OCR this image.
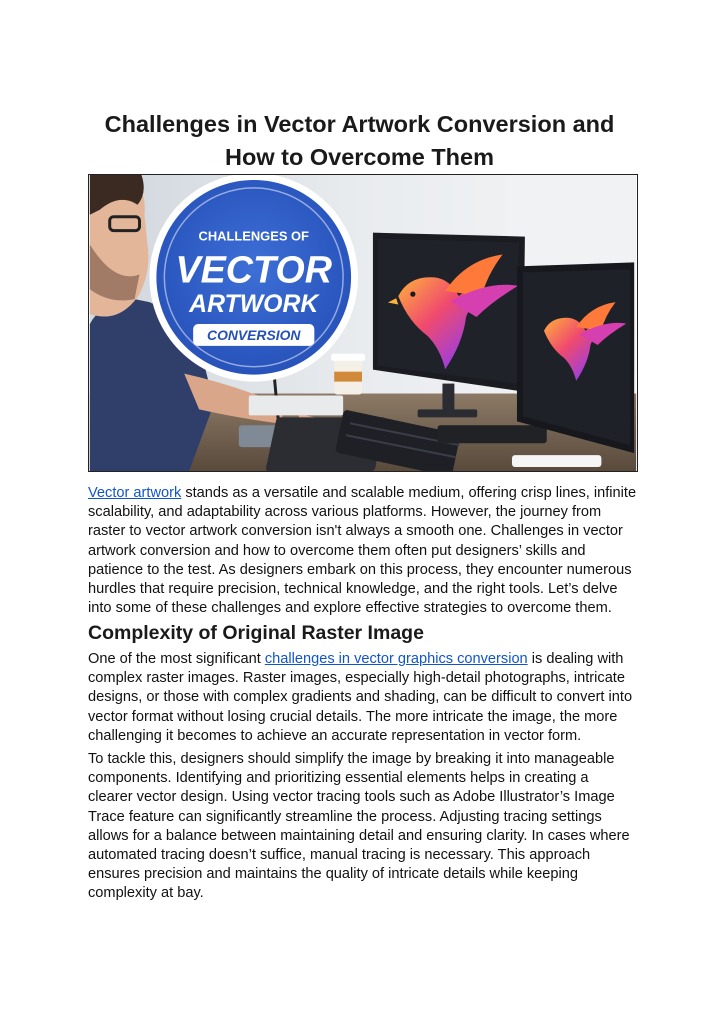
Challenges in Vector Artwork Conversion and
How to Overcome Them
CHALLENGES OF
VECTOR
ARTWORK
CONVERSION

Vector artwork stands as a versatile and scalable medium, offering crisp lines, infinite
scalability, and adaptability across various platforms. However, the journey from
raster to vector artwork conversion isn't always a smooth one. Challenges in vector
artwork conversion and how to overcome them often put designers’ skills and
patience to the test. As designers embark on this process, they encounter numerous
hurdles that require precision, technical knowledge, and the right tools. Let’s delve
into some of these challenges and explore effective strategies to overcome them.

Complexity of Original Raster Image

One of the most significant challenges in vector graphics conversion is dealing with
complex raster images. Raster images, especially high-detail photographs, intricate
designs, or those with complex gradients and shading, can be difficult to convert into
vector format without losing crucial details. The more intricate the image, the more
challenging it becomes to achieve an accurate representation in vector form.

To tackle this, designers should simplify the image by breaking it into manageable
components. Identifying and prioritizing essential elements helps in creating a
clearer vector design. Using vector tracing tools such as Adobe Illustrator’s Image
Trace feature can significantly streamline the process. Adjusting tracing settings
allows for a balance between maintaining detail and ensuring clarity. In cases where
automated tracing doesn’t suffice, manual tracing is necessary. This approach
ensures precision and maintains the quality of intricate details while keeping
complexity at bay.
